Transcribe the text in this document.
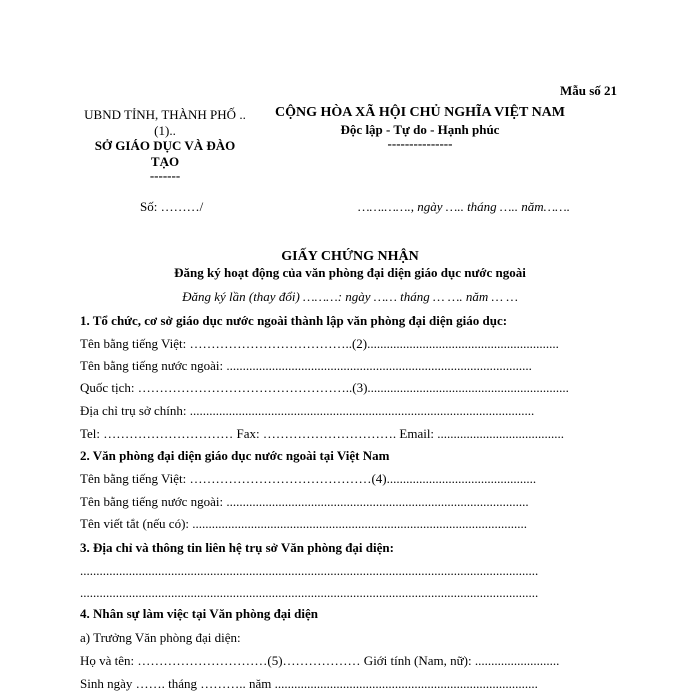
Mẫu số 21
UBND TỈNH, THÀNH PHỐ ..
(1)..
SỞ GIÁO DỤC VÀ ĐÀO
TẠO
-------
Số: ………/
CỘNG HÒA XÃ HỘI CHỦ NGHĨA VIỆT NAM
Độc lập - Tự do - Hạnh phúc
---------------
…….……., ngày ….. tháng ….. năm…….
GIẤY CHỨNG NHẬN
Đăng ký hoạt động của văn phòng đại diện giáo dục nước ngoài
Đăng ký lần (thay đổi) ………: ngày …… tháng … …. năm … …
1. Tổ chức, cơ sở giáo dục nước ngoài thành lập văn phòng đại diện giáo dục:
Tên bằng tiếng Việt: ………………………………..(2)...........................................................
Tên bằng tiếng nước ngoài: ..............................................................................................
Quốc tịch: …………………………………………..(3)..............................................................
Địa chỉ trụ sở chính: ..........................................................................................................
Tel: ………………………… Fax: …………………………. Email: .......................................
2. Văn phòng đại diện giáo dục nước ngoài tại Việt Nam
Tên bằng tiếng Việt: ……………………………………(4)..............................................
Tên bằng tiếng nước ngoài: .............................................................................................
Tên viết tắt (nếu có): .......................................................................................................
3. Địa chỉ và thông tin liên hệ trụ sở Văn phòng đại diện:
.............................................................................................................................................
.............................................................................................................................................
4. Nhân sự làm việc tại Văn phòng đại diện
a) Trưởng Văn phòng đại diện:
Họ và tên: …………………………(5)……………… Giới tính (Nam, nữ): ..........................
Sinh ngày ……. tháng ……….. năm .................................................................................
